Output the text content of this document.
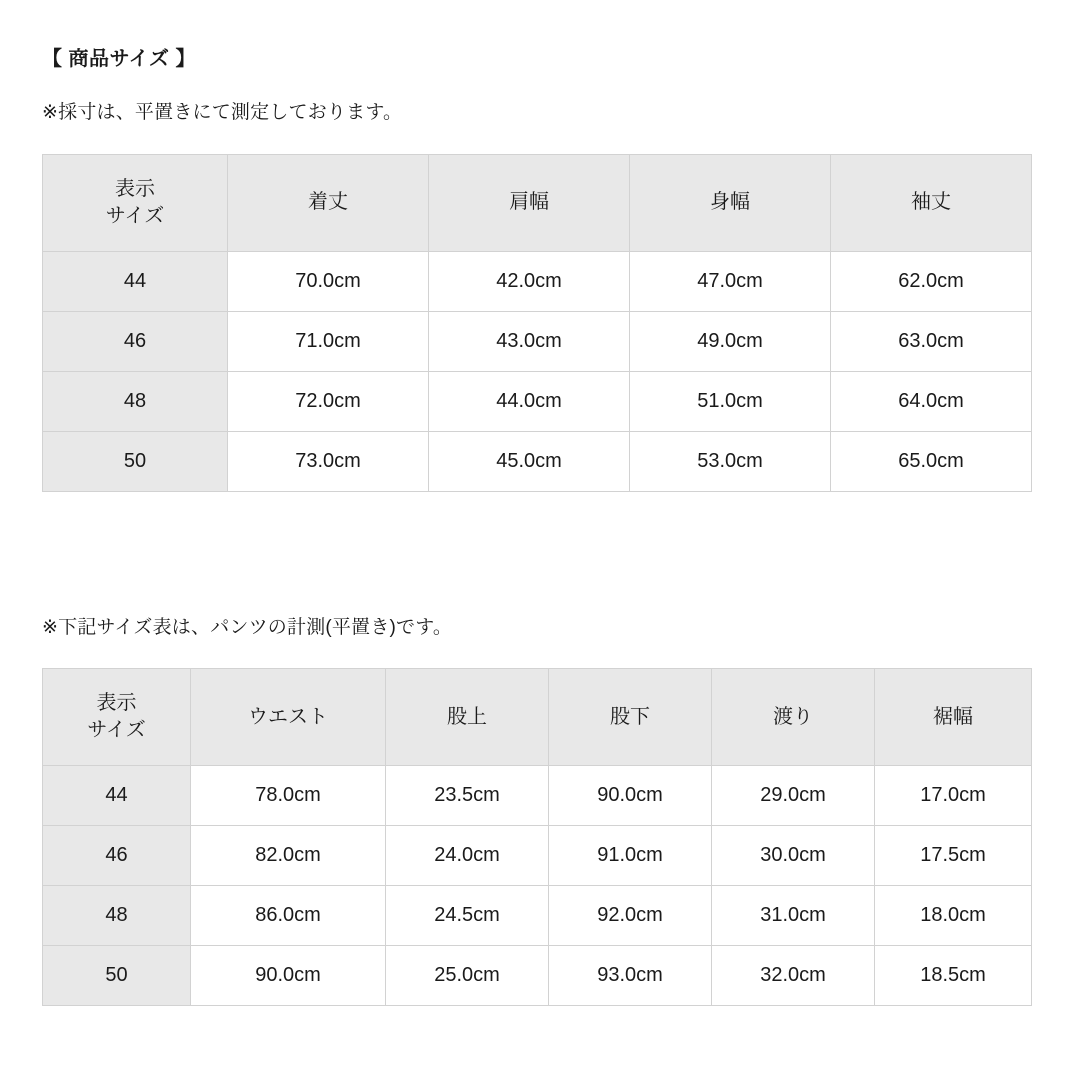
【 商品サイズ 】

※採寸は、平置きにて測定しております。

表示
サイズ	着丈	肩幅	身幅	袖丈
44	70.0cm	42.0cm	47.0cm	62.0cm
46	71.0cm	43.0cm	49.0cm	63.0cm
48	72.0cm	44.0cm	51.0cm	64.0cm
50	73.0cm	45.0cm	53.0cm	65.0cm

※下記サイズ表は、パンツの計測(平置き)です。

表示
サイズ	ウエスト	股上	股下	渡り	裾幅
44	78.0cm	23.5cm	90.0cm	29.0cm	17.0cm
46	82.0cm	24.0cm	91.0cm	30.0cm	17.5cm
48	86.0cm	24.5cm	92.0cm	31.0cm	18.0cm
50	90.0cm	25.0cm	93.0cm	32.0cm	18.5cm
